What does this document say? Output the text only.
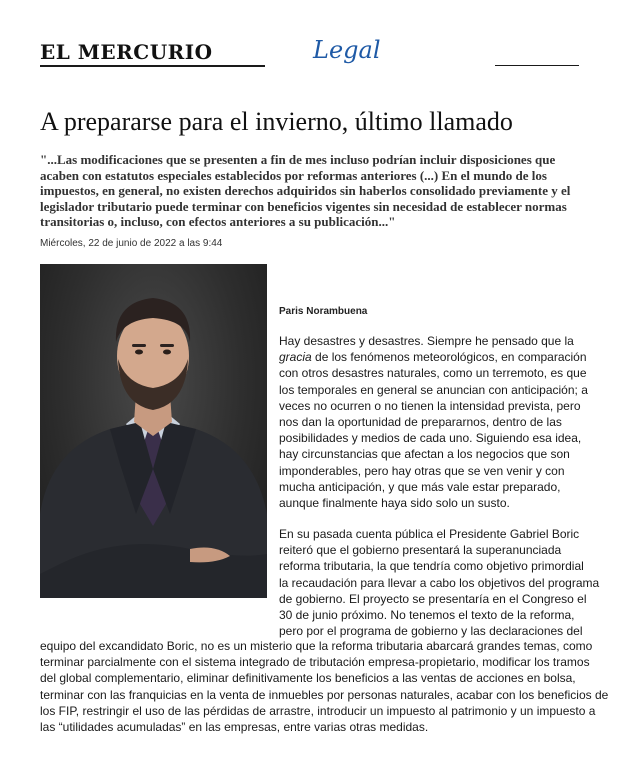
EL MERCURIO	Legal
A prepararse para el invierno, último llamado

"...Las modificaciones que se presenten a fin de mes incluso podrían incluir disposiciones que acaben con estatutos especiales establecidos por reformas anteriores (...) En el mundo de los impuestos, en general, no existen derechos adquiridos sin haberlos consolidado previamente y el legislador tributario puede terminar con beneficios vigentes sin necesidad de establecer normas transitorias o, incluso, con efectos anteriores a su publicación..."

Miércoles, 22 de junio de 2022 a las 9:44
Paris Norambuena
Hay desastres y desastres. Siempre he pensado que la
gracia de los fenómenos meteorológicos, en comparación
con otros desastres naturales, como un terremoto, es que
los temporales en general se anuncian con anticipación; a
veces no ocurren o no tienen la intensidad prevista, pero
nos dan la oportunidad de prepararnos, dentro de las
posibilidades y medios de cada uno. Siguiendo esa idea,
hay circunstancias que afectan a los negocios que son
imponderables, pero hay otras que se ven venir y con
mucha anticipación, y que más vale estar preparado,
aunque finalmente haya sido solo un susto.
En su pasada cuenta pública el Presidente Gabriel Boric
reiteró que el gobierno presentará la superanunciada
reforma tributaria, la que tendría como objetivo primordial
la recaudación para llevar a cabo los objetivos del programa
de gobierno. El proyecto se presentaría en el Congreso el
30 de junio próximo. No tenemos el texto de la reforma,
pero por el programa de gobierno y las declaraciones del
equipo del excandidato Boric, no es un misterio que la reforma tributaria abarcará grandes temas, como
terminar parcialmente con el sistema integrado de tributación empresa-propietario, modificar los tramos
del global complementario, eliminar definitivamente los beneficios a las ventas de acciones en bolsa,
terminar con las franquicias en la venta de inmuebles por personas naturales, acabar con los beneficios de
los FIP, restringir el uso de las pérdidas de arrastre, introducir un impuesto al patrimonio y un impuesto a
las “utilidades acumuladas” en las empresas, entre varias otras medidas.
